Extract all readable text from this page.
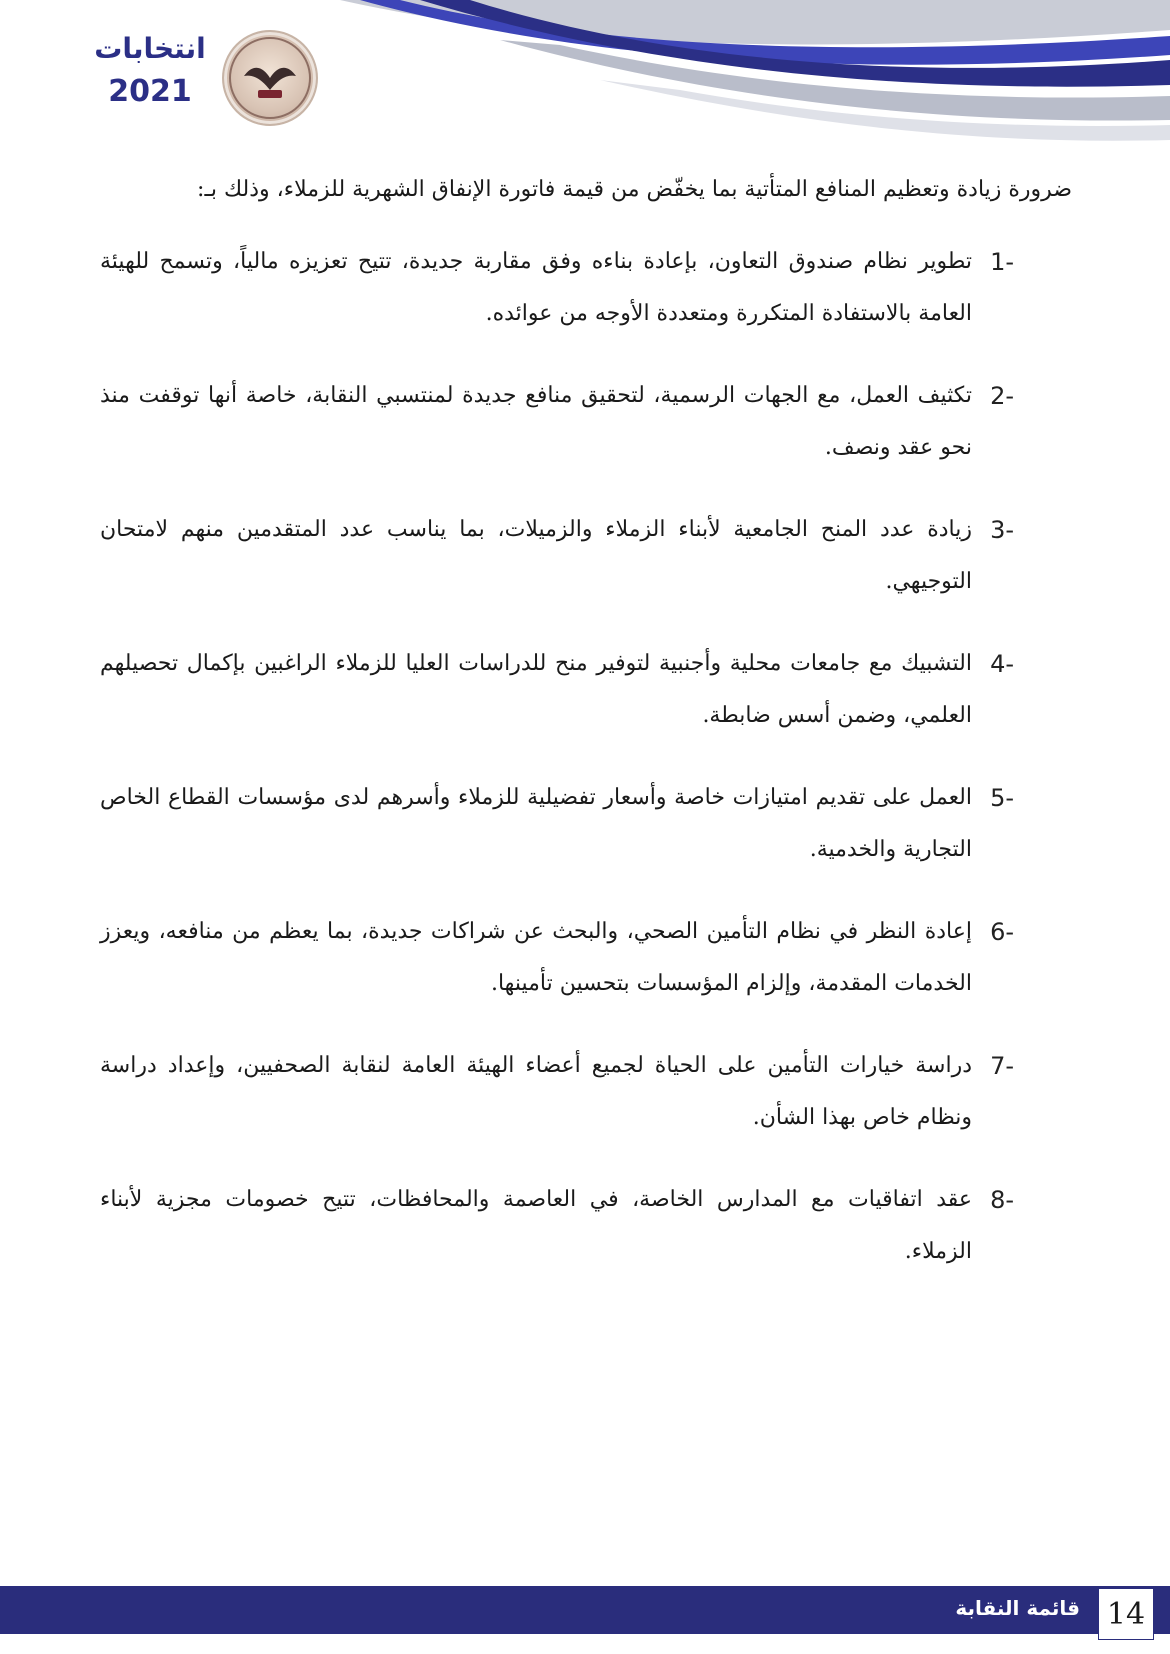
انتخابات
2021
ضرورة زيادة وتعظيم المنافع المتأتية بما يخفّض من قيمة فاتورة الإنفاق الشهرية للزملاء، وذلك بـ:
1-
تطوير نظام صندوق التعاون، بإعادة بناءه وفق مقاربة جديدة، تتيح تعزيزه مالياً، وتسمح للهيئة العامة بالاستفادة المتكررة ومتعددة الأوجه من عوائده.
2-
تكثيف العمل، مع الجهات الرسمية، لتحقيق منافع جديدة لمنتسبي النقابة، خاصة أنها توقفت منذ نحو عقد ونصف.
3-
زيادة عدد المنح الجامعية لأبناء الزملاء والزميلات، بما يناسب عدد المتقدمين منهم لامتحان التوجيهي.
4-
التشبيك مع جامعات محلية وأجنبية لتوفير منح للدراسات العليا للزملاء الراغبين بإكمال تحصيلهم العلمي، وضمن أسس ضابطة.
5-
العمل على تقديم امتيازات خاصة وأسعار تفضيلية للزملاء وأسرهم لدى مؤسسات القطاع الخاص التجارية والخدمية.
6-
إعادة النظر في نظام التأمين الصحي، والبحث عن شراكات جديدة، بما يعظم من منافعه، ويعزز الخدمات المقدمة، وإلزام المؤسسات بتحسين تأمينها.
7-
دراسة خيارات التأمين على الحياة لجميع أعضاء الهيئة العامة لنقابة الصحفيين، وإعداد دراسة ونظام خاص بهذا الشأن.
8-
عقد اتفاقيات مع المدارس الخاصة، في العاصمة والمحافظات، تتيح خصومات مجزية لأبناء الزملاء.
قائمة النقابة 14
